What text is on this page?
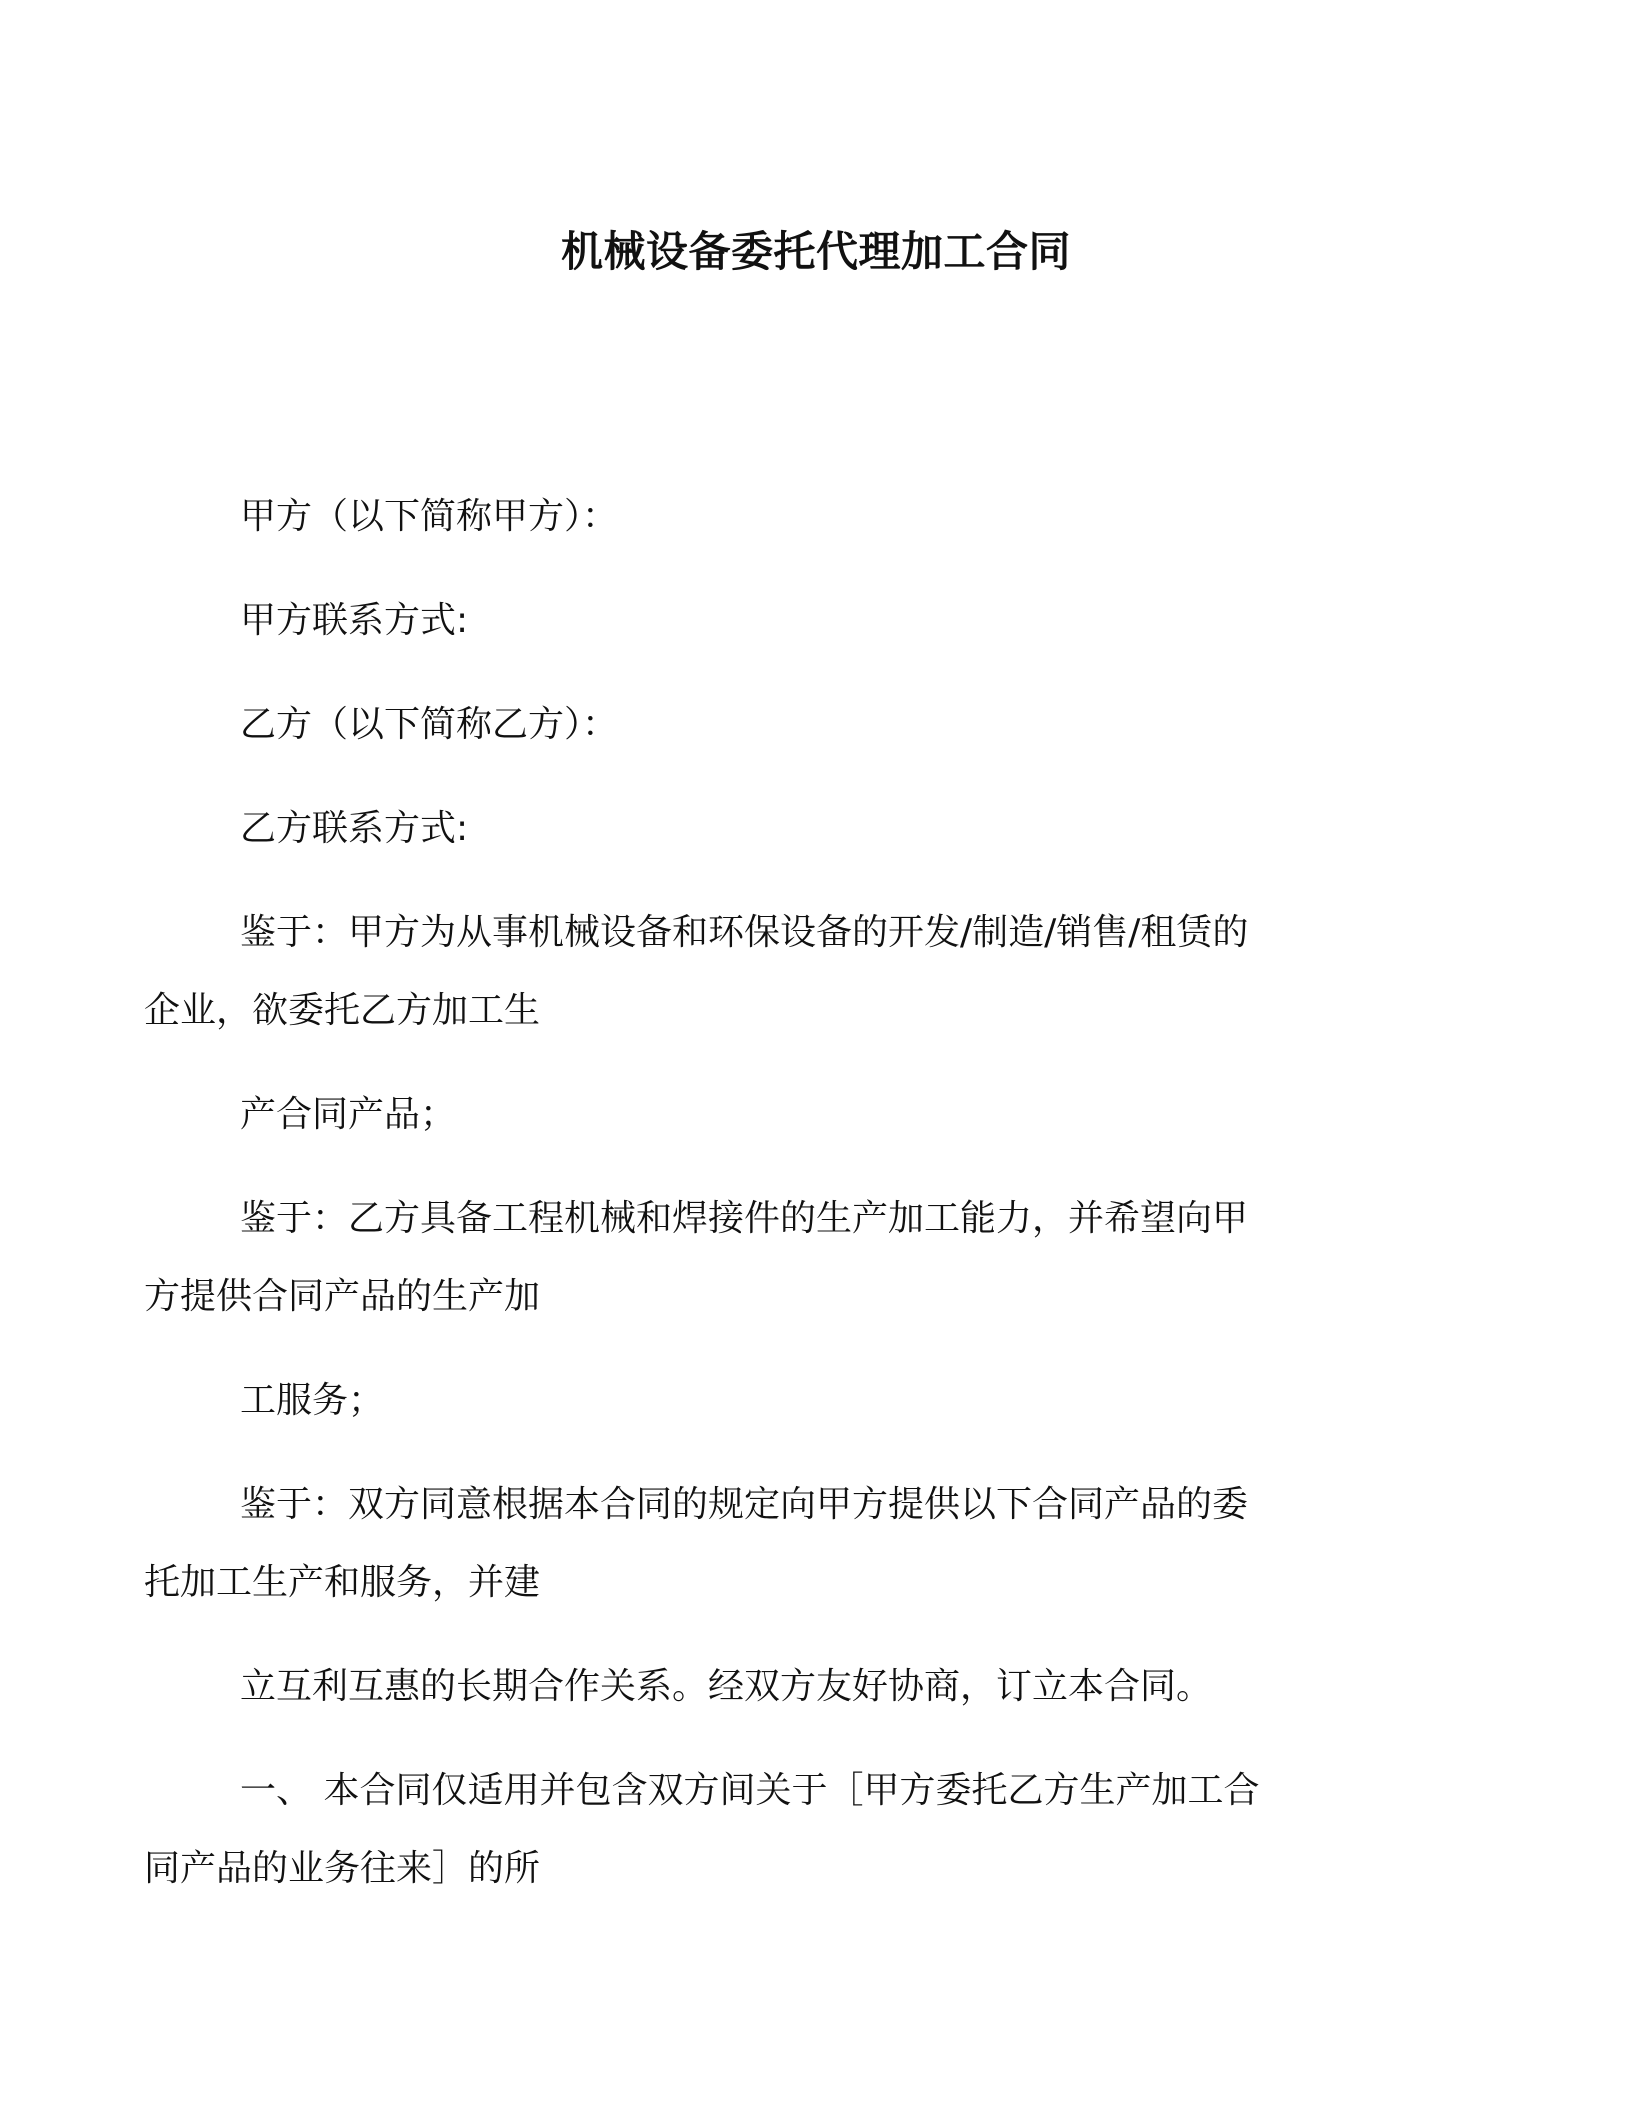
机械设备委托代理加工合同
甲方（以下简称甲方）：
甲方联系方式:
乙方（以下简称乙方）：
乙方联系方式:
鉴于：甲方为从事机械设备和环保设备的开发/制造/销售/租赁的
企业，欲委托乙方加工生
产合同产品；
鉴于：乙方具备工程机械和焊接件的生产加工能力，并希望向甲
方提供合同产品的生产加
工服务；
鉴于：双方同意根据本合同的规定向甲方提供以下合同产品的委
托加工生产和服务，并建
立互利互惠的长期合作关系。经双方友好协商，订立本合同。
一、 本合同仅适用并包含双方间关于［甲方委托乙方生产加工合
同产品的业务往来］的所
